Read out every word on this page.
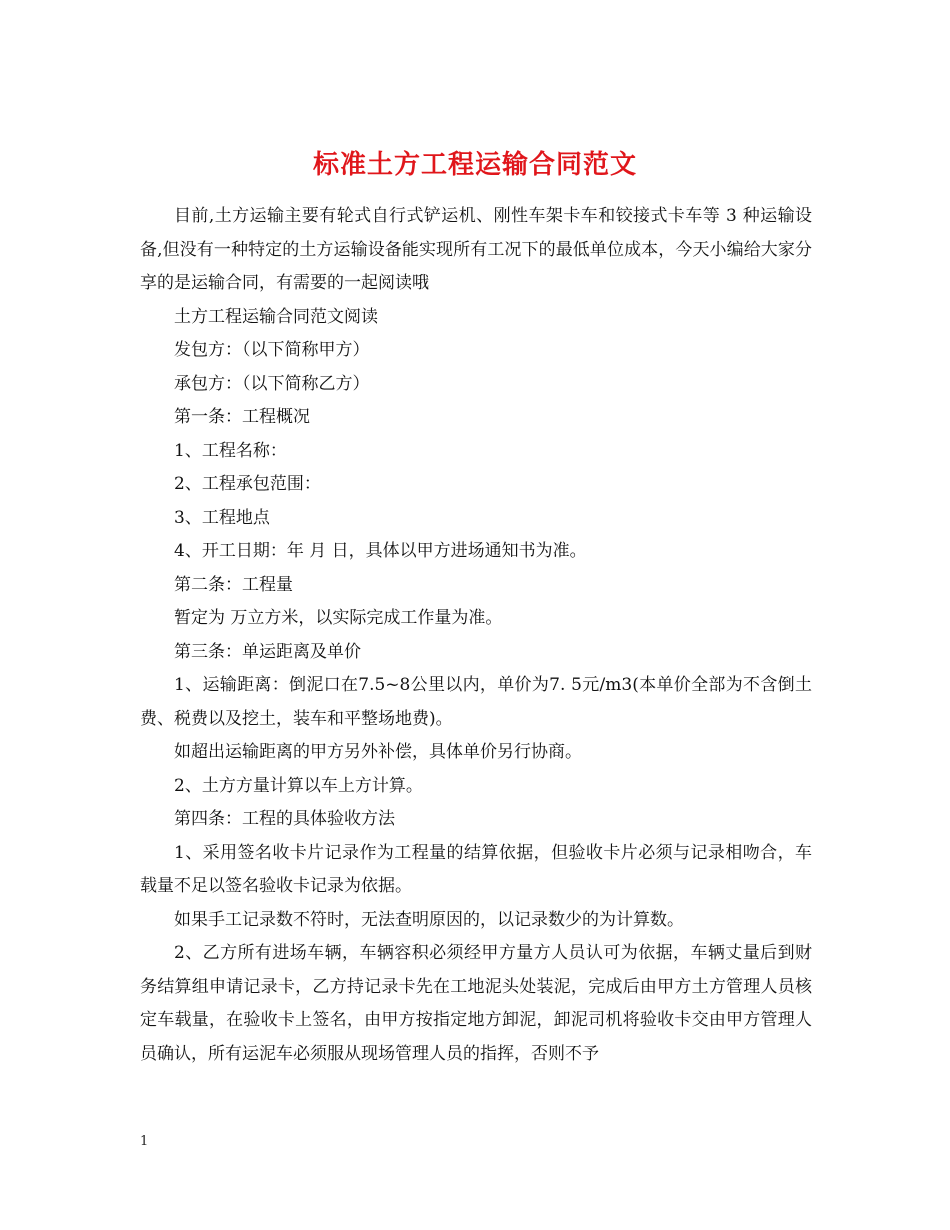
标准土方工程运输合同范文

目前,土方运输主要有轮式自行式铲运机、刚性车架卡车和铰接式卡车等 3 种运输设备,但没有一种特定的土方运输设备能实现所有工况下的最低单位成本，今天小编给大家分享的是运输合同，有需要的一起阅读哦

土方工程运输合同范文阅读

发包方：（以下简称甲方）

承包方：（以下简称乙方）

第一条：工程概况

1、工程名称：

2、工程承包范围：

3、工程地点

4、开工日期：年 月 日，具体以甲方进场通知书为准。

第二条：工程量

暂定为 万立方米，以实际完成工作量为准。

第三条：单运距离及单价

1、运输距离：倒泥口在7.5~8公里以内，单价为7. 5元/m3(本单价全部为不含倒土费、税费以及挖土，装车和平整场地费)。

如超出运输距离的甲方另外补偿，具体单价另行协商。

2、土方方量计算以车上方计算。

第四条：工程的具体验收方法

1、采用签名收卡片记录作为工程量的结算依据，但验收卡片必须与记录相吻合，车载量不足以签名验收卡记录为依据。

如果手工记录数不符时，无法查明原因的，以记录数少的为计算数。

2、乙方所有进场车辆，车辆容积必须经甲方量方人员认可为依据，车辆丈量后到财务结算组申请记录卡，乙方持记录卡先在工地泥头处装泥，完成后由甲方土方管理人员核定车载量，在验收卡上签名，由甲方按指定地方卸泥，卸泥司机将验收卡交由甲方管理人员确认，所有运泥车必须服从现场管理人员的指挥，否则不予

1
